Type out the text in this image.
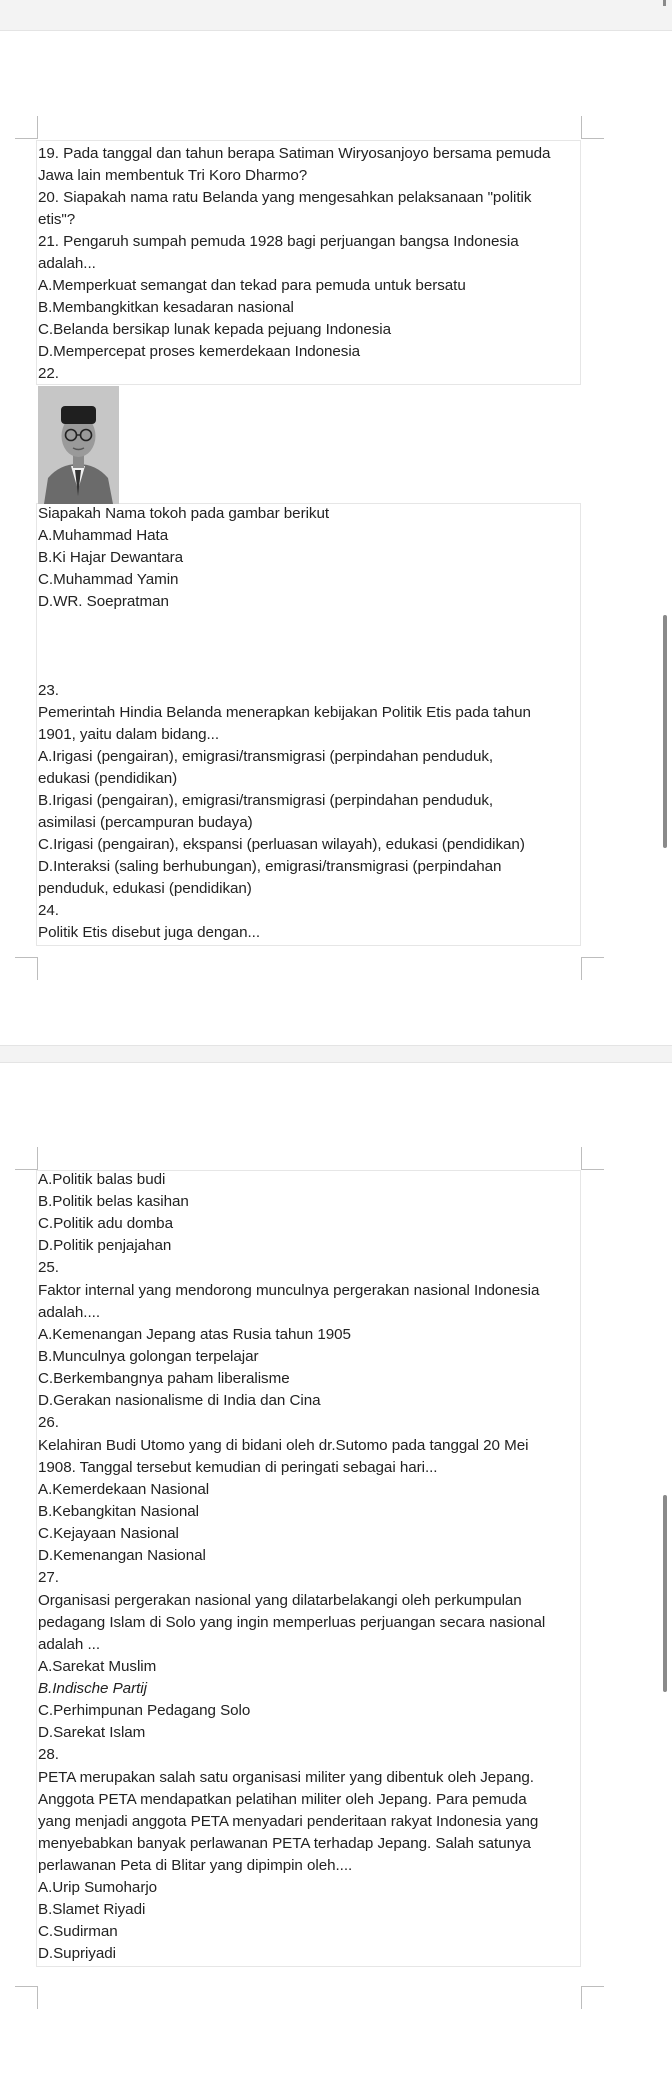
19. Pada tanggal dan tahun berapa Satiman Wiryosanjoyo bersama pemuda
Jawa lain membentuk Tri Koro Dharmo?
20. Siapakah nama ratu Belanda yang mengesahkan pelaksanaan "politik
etis"?
21. Pengaruh sumpah pemuda 1928 bagi perjuangan bangsa Indonesia
adalah...
A.Memperkuat semangat dan tekad para pemuda untuk bersatu
B.Membangkitkan kesadaran nasional
C.Belanda bersikap lunak kepada pejuang Indonesia
D.Mempercepat proses kemerdekaan Indonesia
22.
Siapakah Nama tokoh pada gambar berikut
A.Muhammad Hata
B.Ki Hajar Dewantara
C.Muhammad Yamin
D.WR. Soepratman
23.
Pemerintah Hindia Belanda menerapkan kebijakan Politik Etis pada tahun
1901, yaitu dalam bidang...
A.Irigasi (pengairan), emigrasi/transmigrasi (perpindahan penduduk,
edukasi (pendidikan)
B.Irigasi (pengairan), emigrasi/transmigrasi (perpindahan penduduk,
asimilasi (percampuran budaya)
C.Irigasi (pengairan), ekspansi (perluasan wilayah), edukasi (pendidikan)
D.Interaksi (saling berhubungan), emigrasi/transmigrasi (perpindahan
penduduk, edukasi (pendidikan)
24.
Politik Etis disebut juga dengan...
A.Politik balas budi
B.Politik belas kasihan
C.Politik adu domba
D.Politik penjajahan
25.
Faktor internal yang mendorong munculnya pergerakan nasional Indonesia
adalah....
A.Kemenangan Jepang atas Rusia tahun 1905
B.Munculnya golongan terpelajar
C.Berkembangnya paham liberalisme
D.Gerakan nasionalisme di India dan Cina
26.
Kelahiran Budi Utomo yang di bidani oleh dr.Sutomo pada tanggal 20 Mei
1908. Tanggal tersebut kemudian di peringati sebagai hari...
A.Kemerdekaan Nasional
B.Kebangkitan Nasional
C.Kejayaan Nasional
D.Kemenangan Nasional
27.
Organisasi pergerakan nasional yang dilatarbelakangi oleh perkumpulan
pedagang Islam di Solo yang ingin memperluas perjuangan secara nasional
adalah ...
A.Sarekat Muslim
B.Indische Partij
C.Perhimpunan Pedagang Solo
D.Sarekat Islam
28.
PETA merupakan salah satu organisasi militer yang dibentuk oleh Jepang.
Anggota PETA mendapatkan pelatihan militer oleh Jepang. Para pemuda
yang menjadi anggota PETA menyadari penderitaan rakyat Indonesia yang
menyebabkan banyak perlawanan PETA terhadap Jepang. Salah satunya
perlawanan Peta di Blitar yang dipimpin oleh....
A.Urip Sumoharjo
B.Slamet Riyadi
C.Sudirman
D.Supriyadi
